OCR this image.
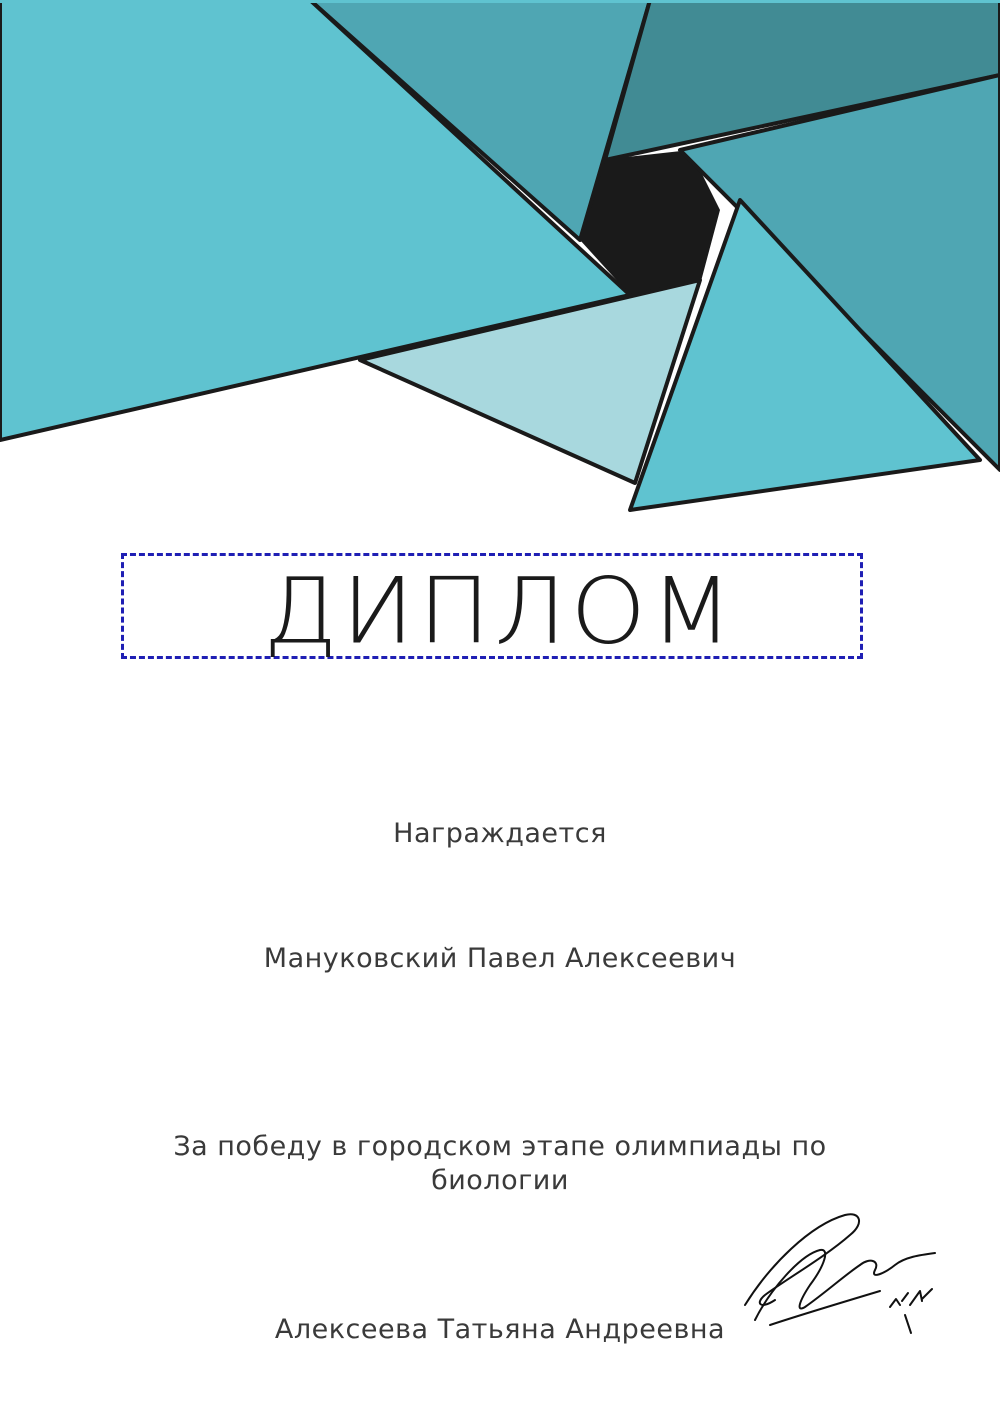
ДИПЛОМ
Награждается
Мануковский Павел Алексеевич
За победу в городском этапе олимпиады по биологии
Алексеева Татьяна Андреевна
